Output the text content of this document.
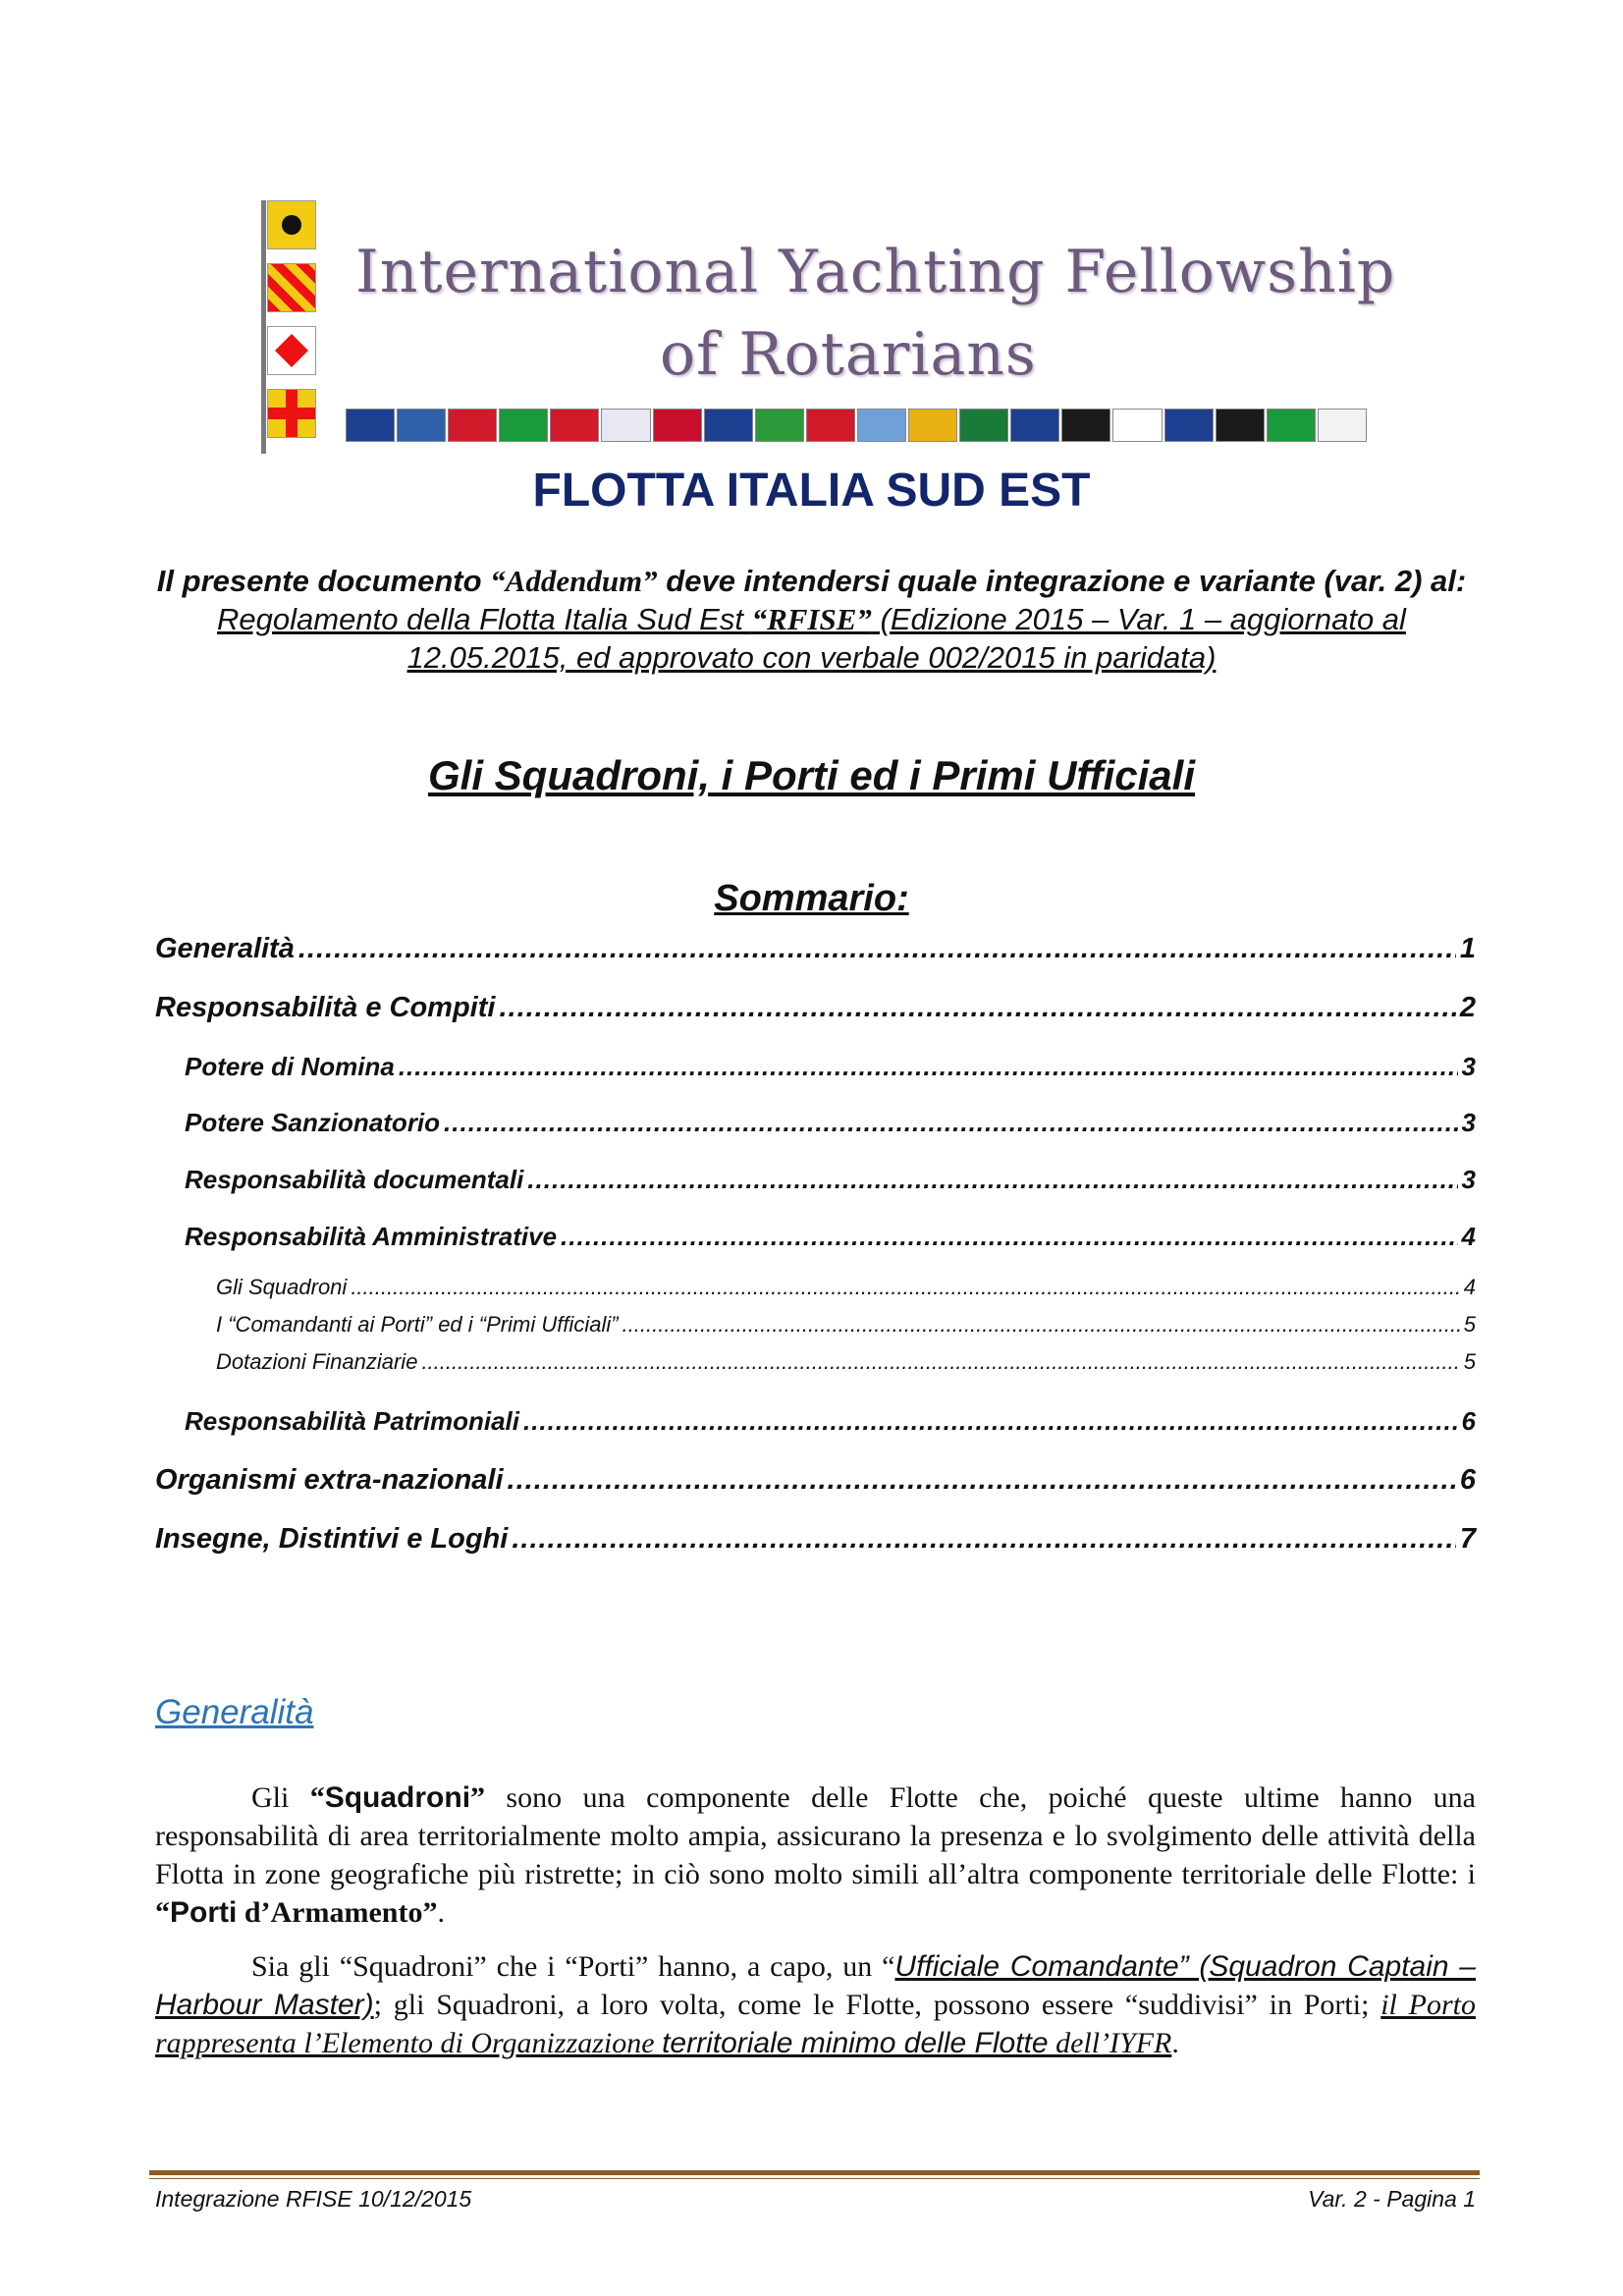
International Yachting Fellowship
of Rotarians
FLOTTA ITALIA SUD EST
Il presente documento “Addendum” deve intendersi quale integrazione e variante (var. 2) al:
Regolamento della Flotta Italia Sud Est “RFISE” (Edizione 2015 – Var. 1 – aggiornato al
12.05.2015, ed approvato con verbale 002/2015 in paridata)
Gli Squadroni, i Porti ed i Primi Ufficiali
Sommario:
Generalità .....	1
Responsabilità e Compiti .....	2
Potere di Nomina .....	3
Potere Sanzionatorio .....	3
Responsabilità documentali .....	3
Responsabilità Amministrative .....	4
Gli Squadroni .....	4
I “Comandanti ai Porti” ed i “Primi Ufficiali” .....	5
Dotazioni Finanziarie .....	5
Responsabilità Patrimoniali .....	6
Organismi extra-nazionali .....	6
Insegne, Distintivi e Loghi .....	7
Generalità

Gli “Squadroni” sono una componente delle Flotte che, poiché queste ultime hanno una responsabilità di area territorialmente molto ampia, assicurano la presenza e lo svolgimento delle attività della Flotta in zone geografiche più ristrette; in ciò sono molto simili all’altra componente territoriale delle Flotte: i “Porti d’Armamento”.

Sia gli “Squadroni” che i “Porti” hanno, a capo, un “Ufficiale Comandante” (Squadron Captain – Harbour Master); gli Squadroni, a loro volta, come le Flotte, possono essere “suddivisi” in Porti; il Porto rappresenta l’Elemento di Organizzazione territoriale minimo delle Flotte dell’IYFR.

Integrazione RFISE 10/12/2015	Var. 2 - Pagina 1
